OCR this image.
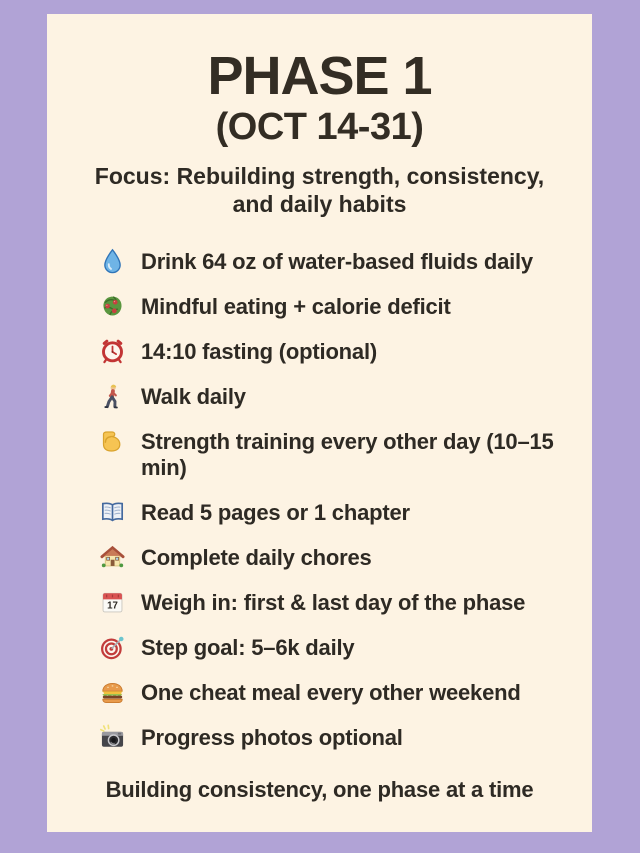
PHASE 1
(OCT 14-31)
Focus: Rebuilding strength, consistency, and daily habits
Drink 64 oz of water-based fluids daily
Mindful eating + calorie deficit
14:10 fasting (optional)
Walk daily
Strength training every other day (10–15 min)
Read 5 pages or 1 chapter
Complete daily chores
17 Weigh in: first & last day of the phase
Step goal: 5–6k daily
One cheat meal every other weekend
Progress photos optional
Building consistency, one phase at a time
